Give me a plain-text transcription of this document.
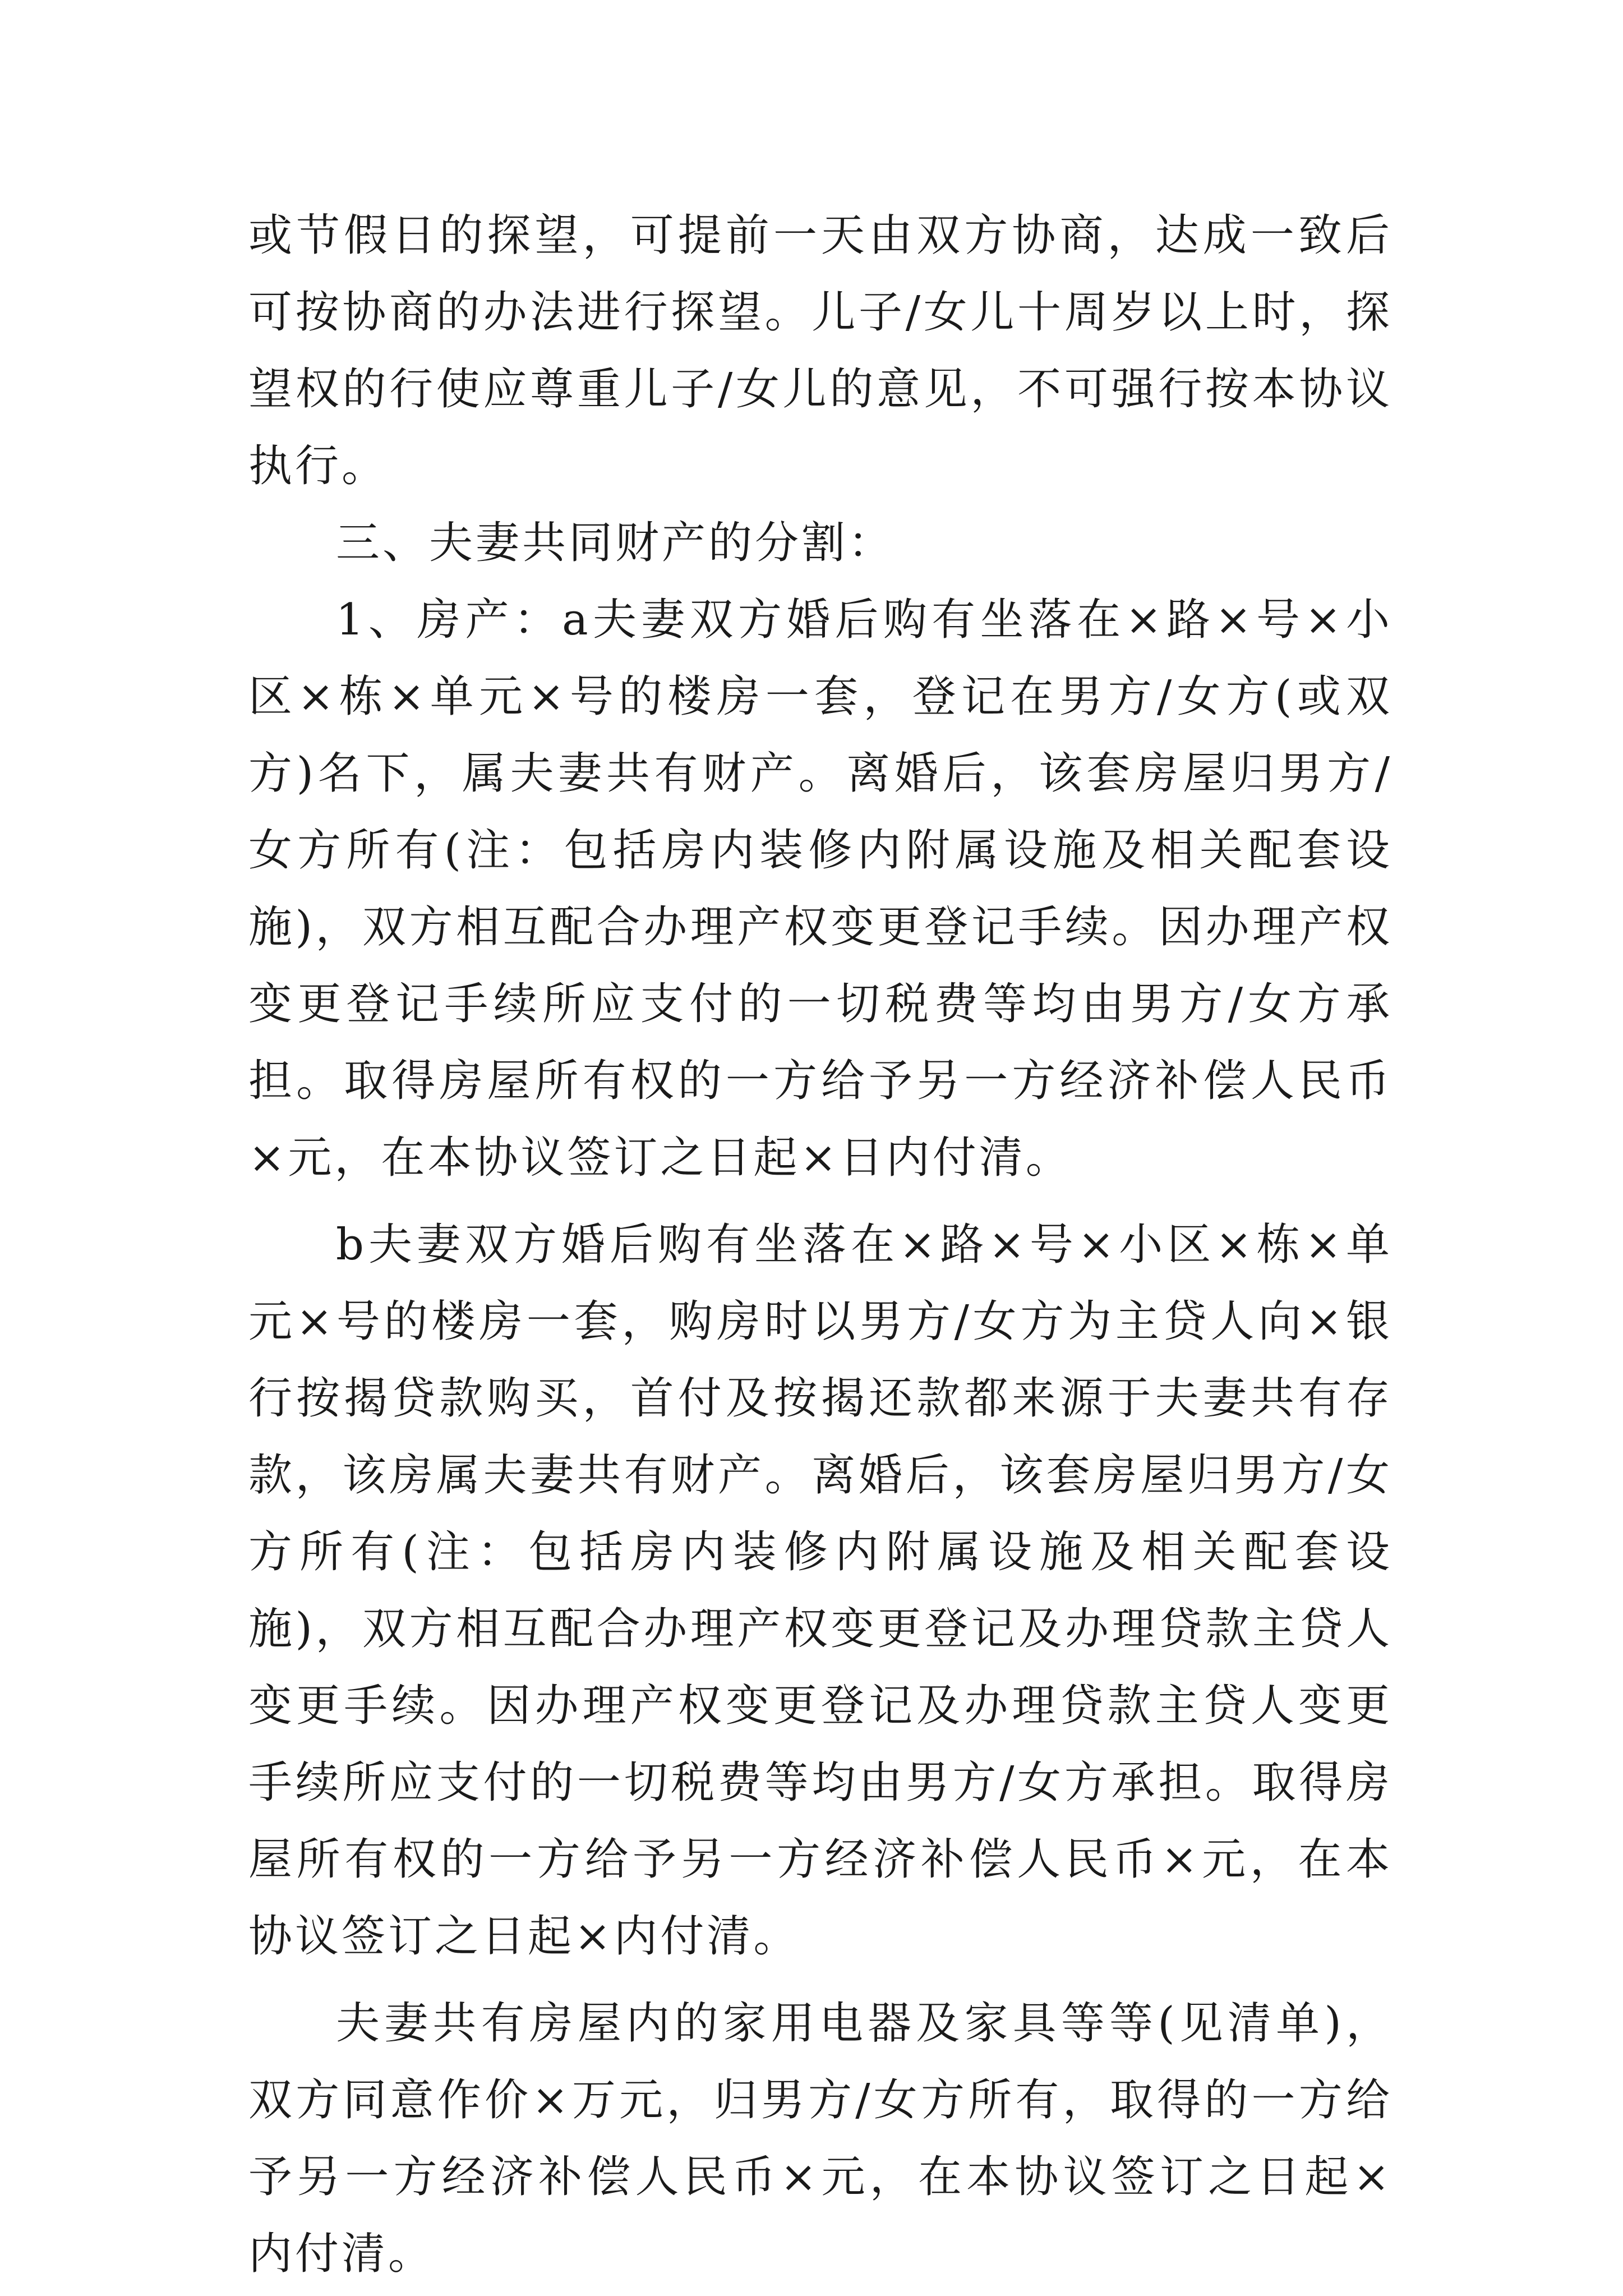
或节假日的探望，可提前一天由双方协商，达成一致后可按协商的办法进行探望。儿子/女儿十周岁以上时，探望权的行使应尊重儿子/女儿的意见，不可强行按本协议执行。

三、夫妻共同财产的分割：

1、房产：a夫妻双方婚后购有坐落在×路×号×小区×栋×单元×号的楼房一套，登记在男方/女方(或双方)名下，属夫妻共有财产。离婚后，该套房屋归男方/女方所有(注：包括房内装修内附属设施及相关配套设施)，双方相互配合办理产权变更登记手续。因办理产权变更登记手续所应支付的一切税费等均由男方/女方承担。取得房屋所有权的一方给予另一方经济补偿人民币×元，在本协议签订之日起×日内付清。

b夫妻双方婚后购有坐落在×路×号×小区×栋×单元×号的楼房一套，购房时以男方/女方为主贷人向×银行按揭贷款购买，首付及按揭还款都来源于夫妻共有存款，该房属夫妻共有财产。离婚后，该套房屋归男方/女方所有(注：包括房内装修内附属设施及相关配套设施)，双方相互配合办理产权变更登记及办理贷款主贷人变更手续。因办理产权变更登记及办理贷款主贷人变更手续所应支付的一切税费等均由男方/女方承担。取得房屋所有权的一方给予另一方经济补偿人民币×元，在本协议签订之日起×内付清。

夫妻共有房屋内的家用电器及家具等等(见清单)，双方同意作价×万元，归男方/女方所有，取得的一方给予另一方经济补偿人民币×元，在本协议签订之日起×内付清。
